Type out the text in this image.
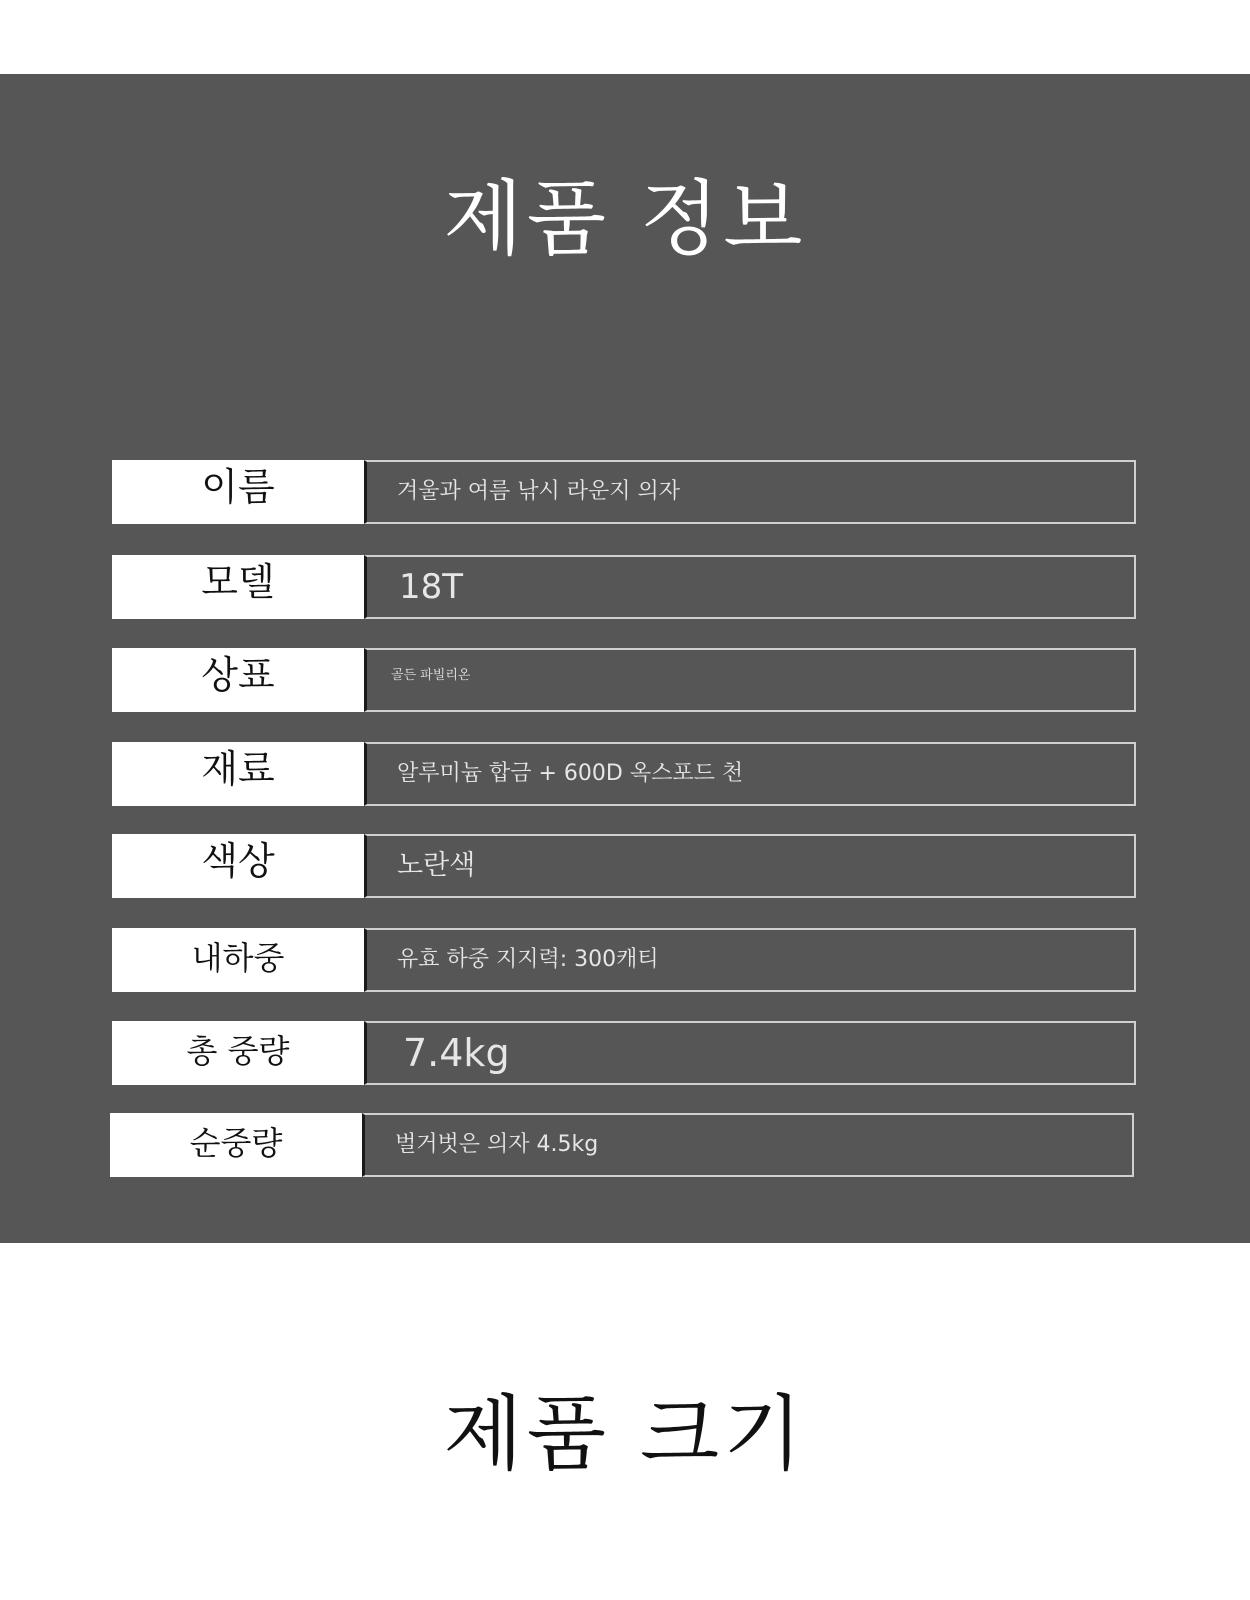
제품 정보
이름	겨울과 여름 낚시 라운지 의자
모델	18T
상표	골든 파빌리온
재료	알루미늄 합금 + 600D 옥스포드 천
색상	노란색
내하중	유효 하중 지지력: 300캐티
총 중량	7.4kg
순중량	벌거벗은 의자 4.5kg
제품 크기
